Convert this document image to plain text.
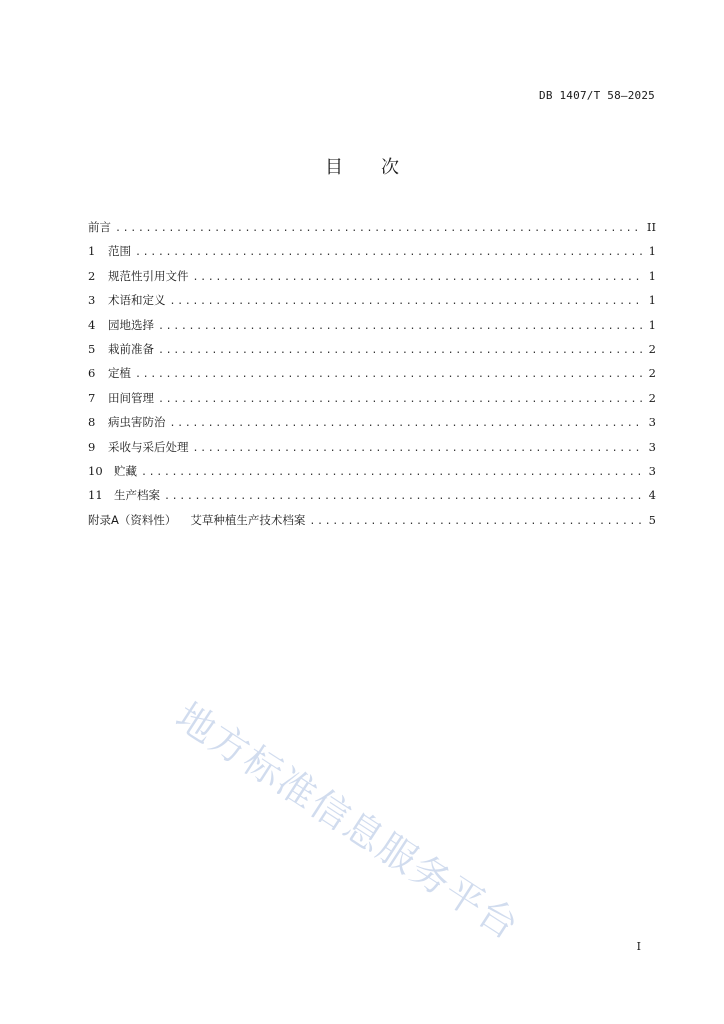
DB 1407/T 58—2025
目 次
前言 .....	II
1	范围 .....	1
2	规范性引用文件 .....	1
3	术语和定义 .....	1
4	园地选择 .....	1
5	栽前准备 .....	2
6	定植 .....	2
7	田间管理 .....	2
8	病虫害防治 .....	3
9	采收与采后处理 .....	3
10 贮藏 .....	3
11 生产档案 .....	4
附录A（资料性） 艾草种植生产技术档案 .....	5
地方标准信息服务平台	I
